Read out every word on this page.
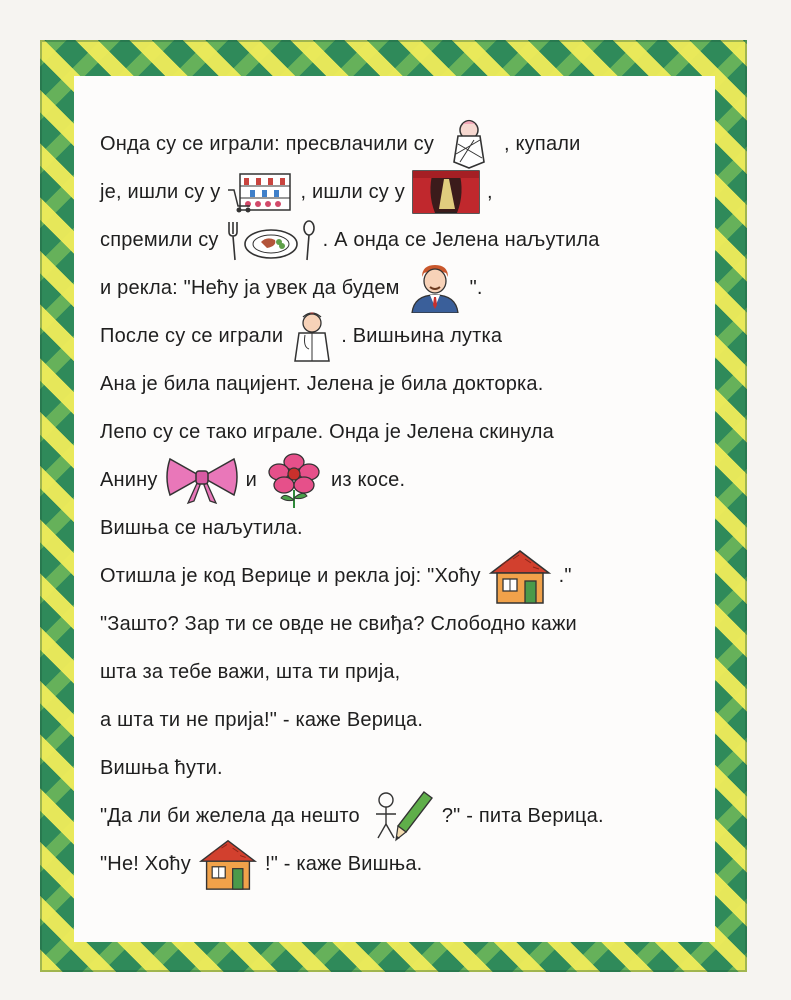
Онда су се играли: пресвлачили су	, купали
је, ишли су у	, ишли су у	,
спремили су	. А онда се Јелена наљутила
и рекла: "Нећу ја увек да будем	".
После су се играли	. Вишњина лутка
Ана је била пацијент. Јелена је била докторка.
Лепо су се тако играле. Онда је Јелена скинула
Анину	и	из косе.
Вишња се наљутила.
Отишла је код Верице и рекла јој: "Хоћу	."
"Зашто? Зар ти се овде не свиђа? Слободно кажи
шта за тебе важи, шта ти прија,
а шта ти не прија!" - каже Верица.
Вишња ћути.
"Да ли би желела да нешто	?" - пита Верица.
"Не! Хоћу	!" - каже Вишња.
